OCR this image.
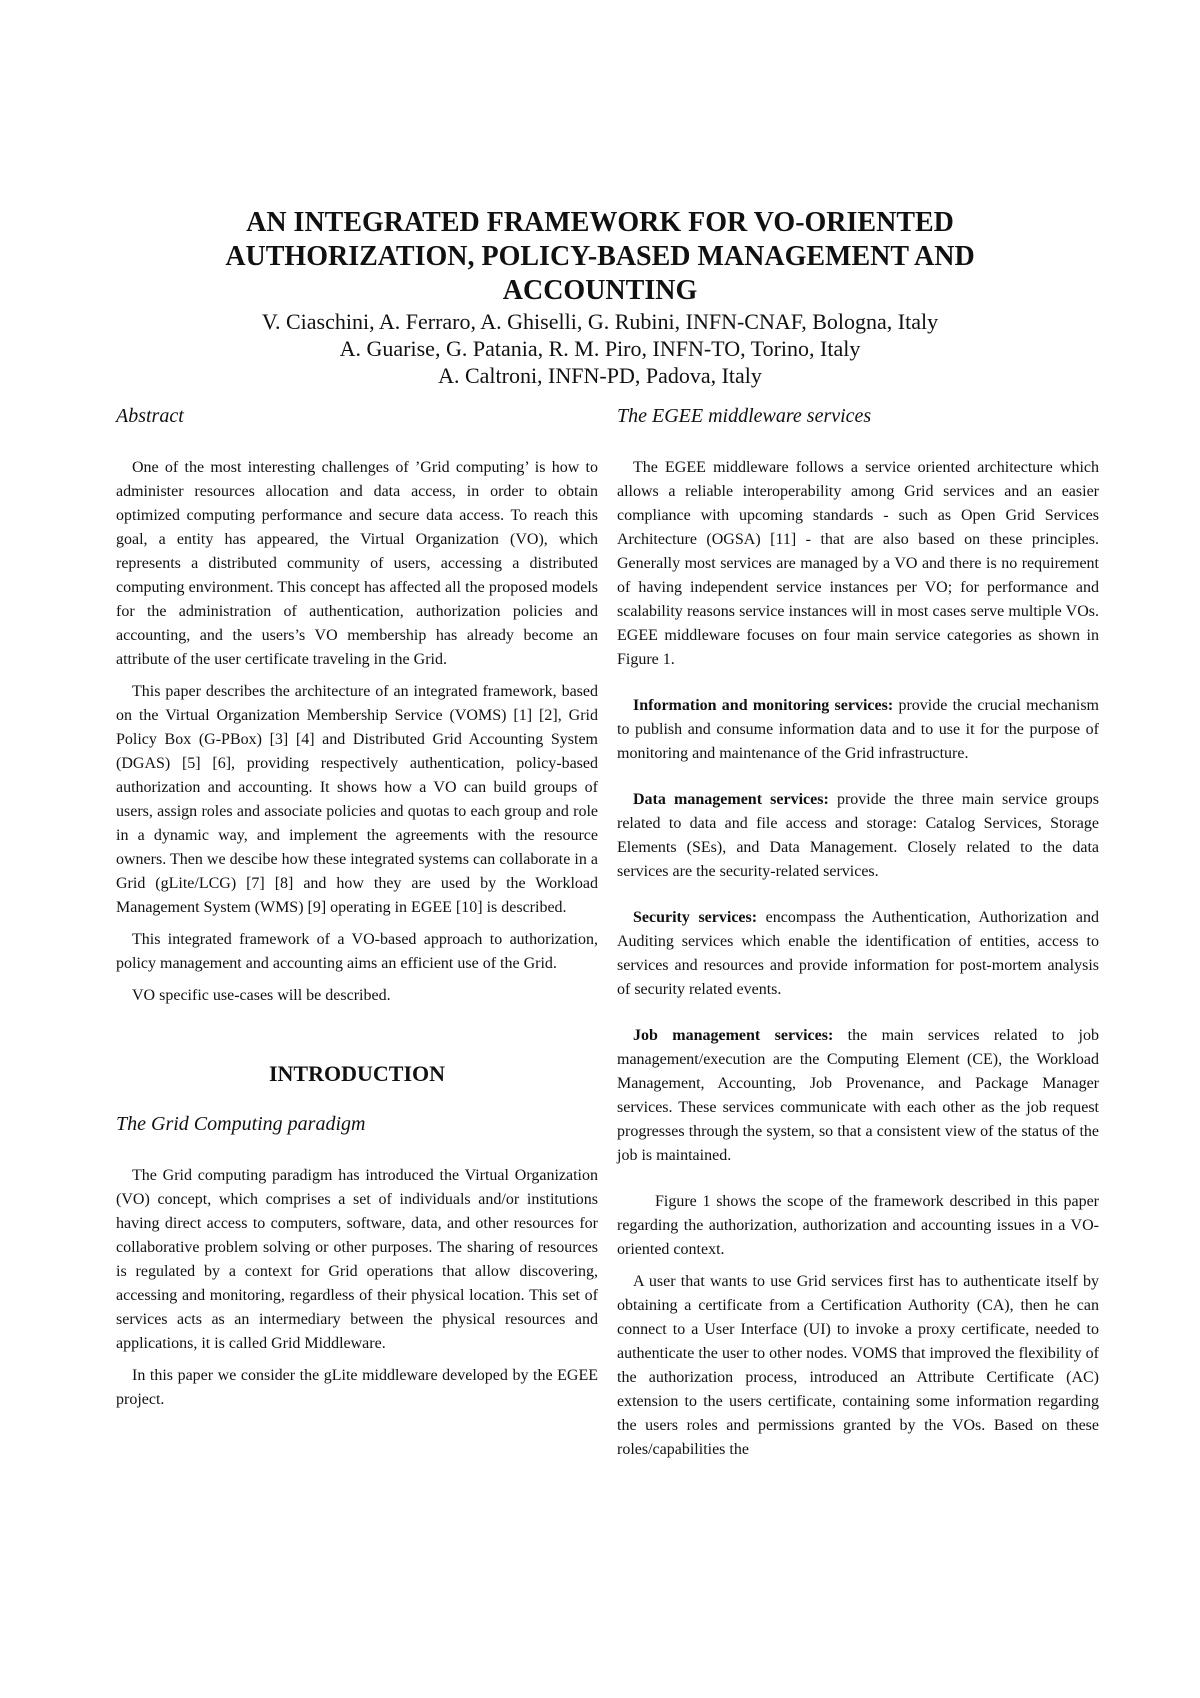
AN INTEGRATED FRAMEWORK FOR VO-ORIENTED
AUTHORIZATION, POLICY-BASED MANAGEMENT AND
ACCOUNTING
V. Ciaschini, A. Ferraro, A. Ghiselli, G. Rubini, INFN-CNAF, Bologna, Italy
A. Guarise, G. Patania, R. M. Piro, INFN-TO, Torino, Italy
A. Caltroni, INFN-PD, Padova, Italy
Abstract

One of the most interesting challenges of ’Grid computing’ is how to administer resources allocation and data access, in order to obtain optimized computing performance and secure data access. To reach this goal, a entity has appeared, the Virtual Organization (VO), which represents a distributed community of users, accessing a distributed computing environment. This concept has affected all the proposed models for the administration of authentication, authorization policies and accounting, and the users’s VO membership has already become an attribute of the user certificate traveling in the Grid.

This paper describes the architecture of an integrated framework, based on the Virtual Organization Membership Service (VOMS) [1] [2], Grid Policy Box (G-PBox) [3] [4] and Distributed Grid Accounting System (DGAS) [5] [6], providing respectively authentication, policy-based authorization and accounting. It shows how a VO can build groups of users, assign roles and associate policies and quotas to each group and role in a dynamic way, and implement the agreements with the resource owners. Then we descibe how these integrated systems can collaborate in a Grid (gLite/LCG) [7] [8] and how they are used by the Workload Management System (WMS) [9] operating in EGEE [10] is described.

This integrated framework of a VO-based approach to authorization, policy management and accounting aims an efficient use of the Grid.

VO specific use-cases will be described.

INTRODUCTION
The Grid Computing paradigm

The Grid computing paradigm has introduced the Virtual Organization (VO) concept, which comprises a set of individuals and/or institutions having direct access to computers, software, data, and other resources for collaborative problem solving or other purposes. The sharing of resources is regulated by a context for Grid operations that allow discovering, accessing and monitoring, regardless of their physical location. This set of services acts as an intermediary between the physical resources and applications, it is called Grid Middleware.

In this paper we consider the gLite middleware developed by the EGEE project.

The EGEE middleware services

The EGEE middleware follows a service oriented architecture which allows a reliable interoperability among Grid services and an easier compliance with upcoming standards - such as Open Grid Services Architecture (OGSA) [11] - that are also based on these principles. Generally most services are managed by a VO and there is no requirement of having independent service instances per VO; for performance and scalability reasons service instances will in most cases serve multiple VOs. EGEE middleware focuses on four main service categories as shown in Figure 1.

Information and monitoring services: provide the crucial mechanism to publish and consume information data and to use it for the purpose of monitoring and maintenance of the Grid infrastructure.

Data management services: provide the three main service groups related to data and file access and storage: Catalog Services, Storage Elements (SEs), and Data Management. Closely related to the data services are the security-related services.

Security services: encompass the Authentication, Authorization and Auditing services which enable the identification of entities, access to services and resources and provide information for post-mortem analysis of security related events.

Job management services: the main services related to job management/execution are the Computing Element (CE), the Workload Management, Accounting, Job Provenance, and Package Manager services. These services communicate with each other as the job request progresses through the system, so that a consistent view of the status of the job is maintained.

Figure 1 shows the scope of the framework described in this paper regarding the authorization, authorization and accounting issues in a VO-oriented context.

A user that wants to use Grid services first has to authenticate itself by obtaining a certificate from a Certification Authority (CA), then he can connect to a User Interface (UI) to invoke a proxy certificate, needed to authenticate the user to other nodes. VOMS that improved the flexibility of the authorization process, introduced an Attribute Certificate (AC) extension to the users certificate, containing some information regarding the users roles and permissions granted by the VOs. Based on these roles/capabilities the
